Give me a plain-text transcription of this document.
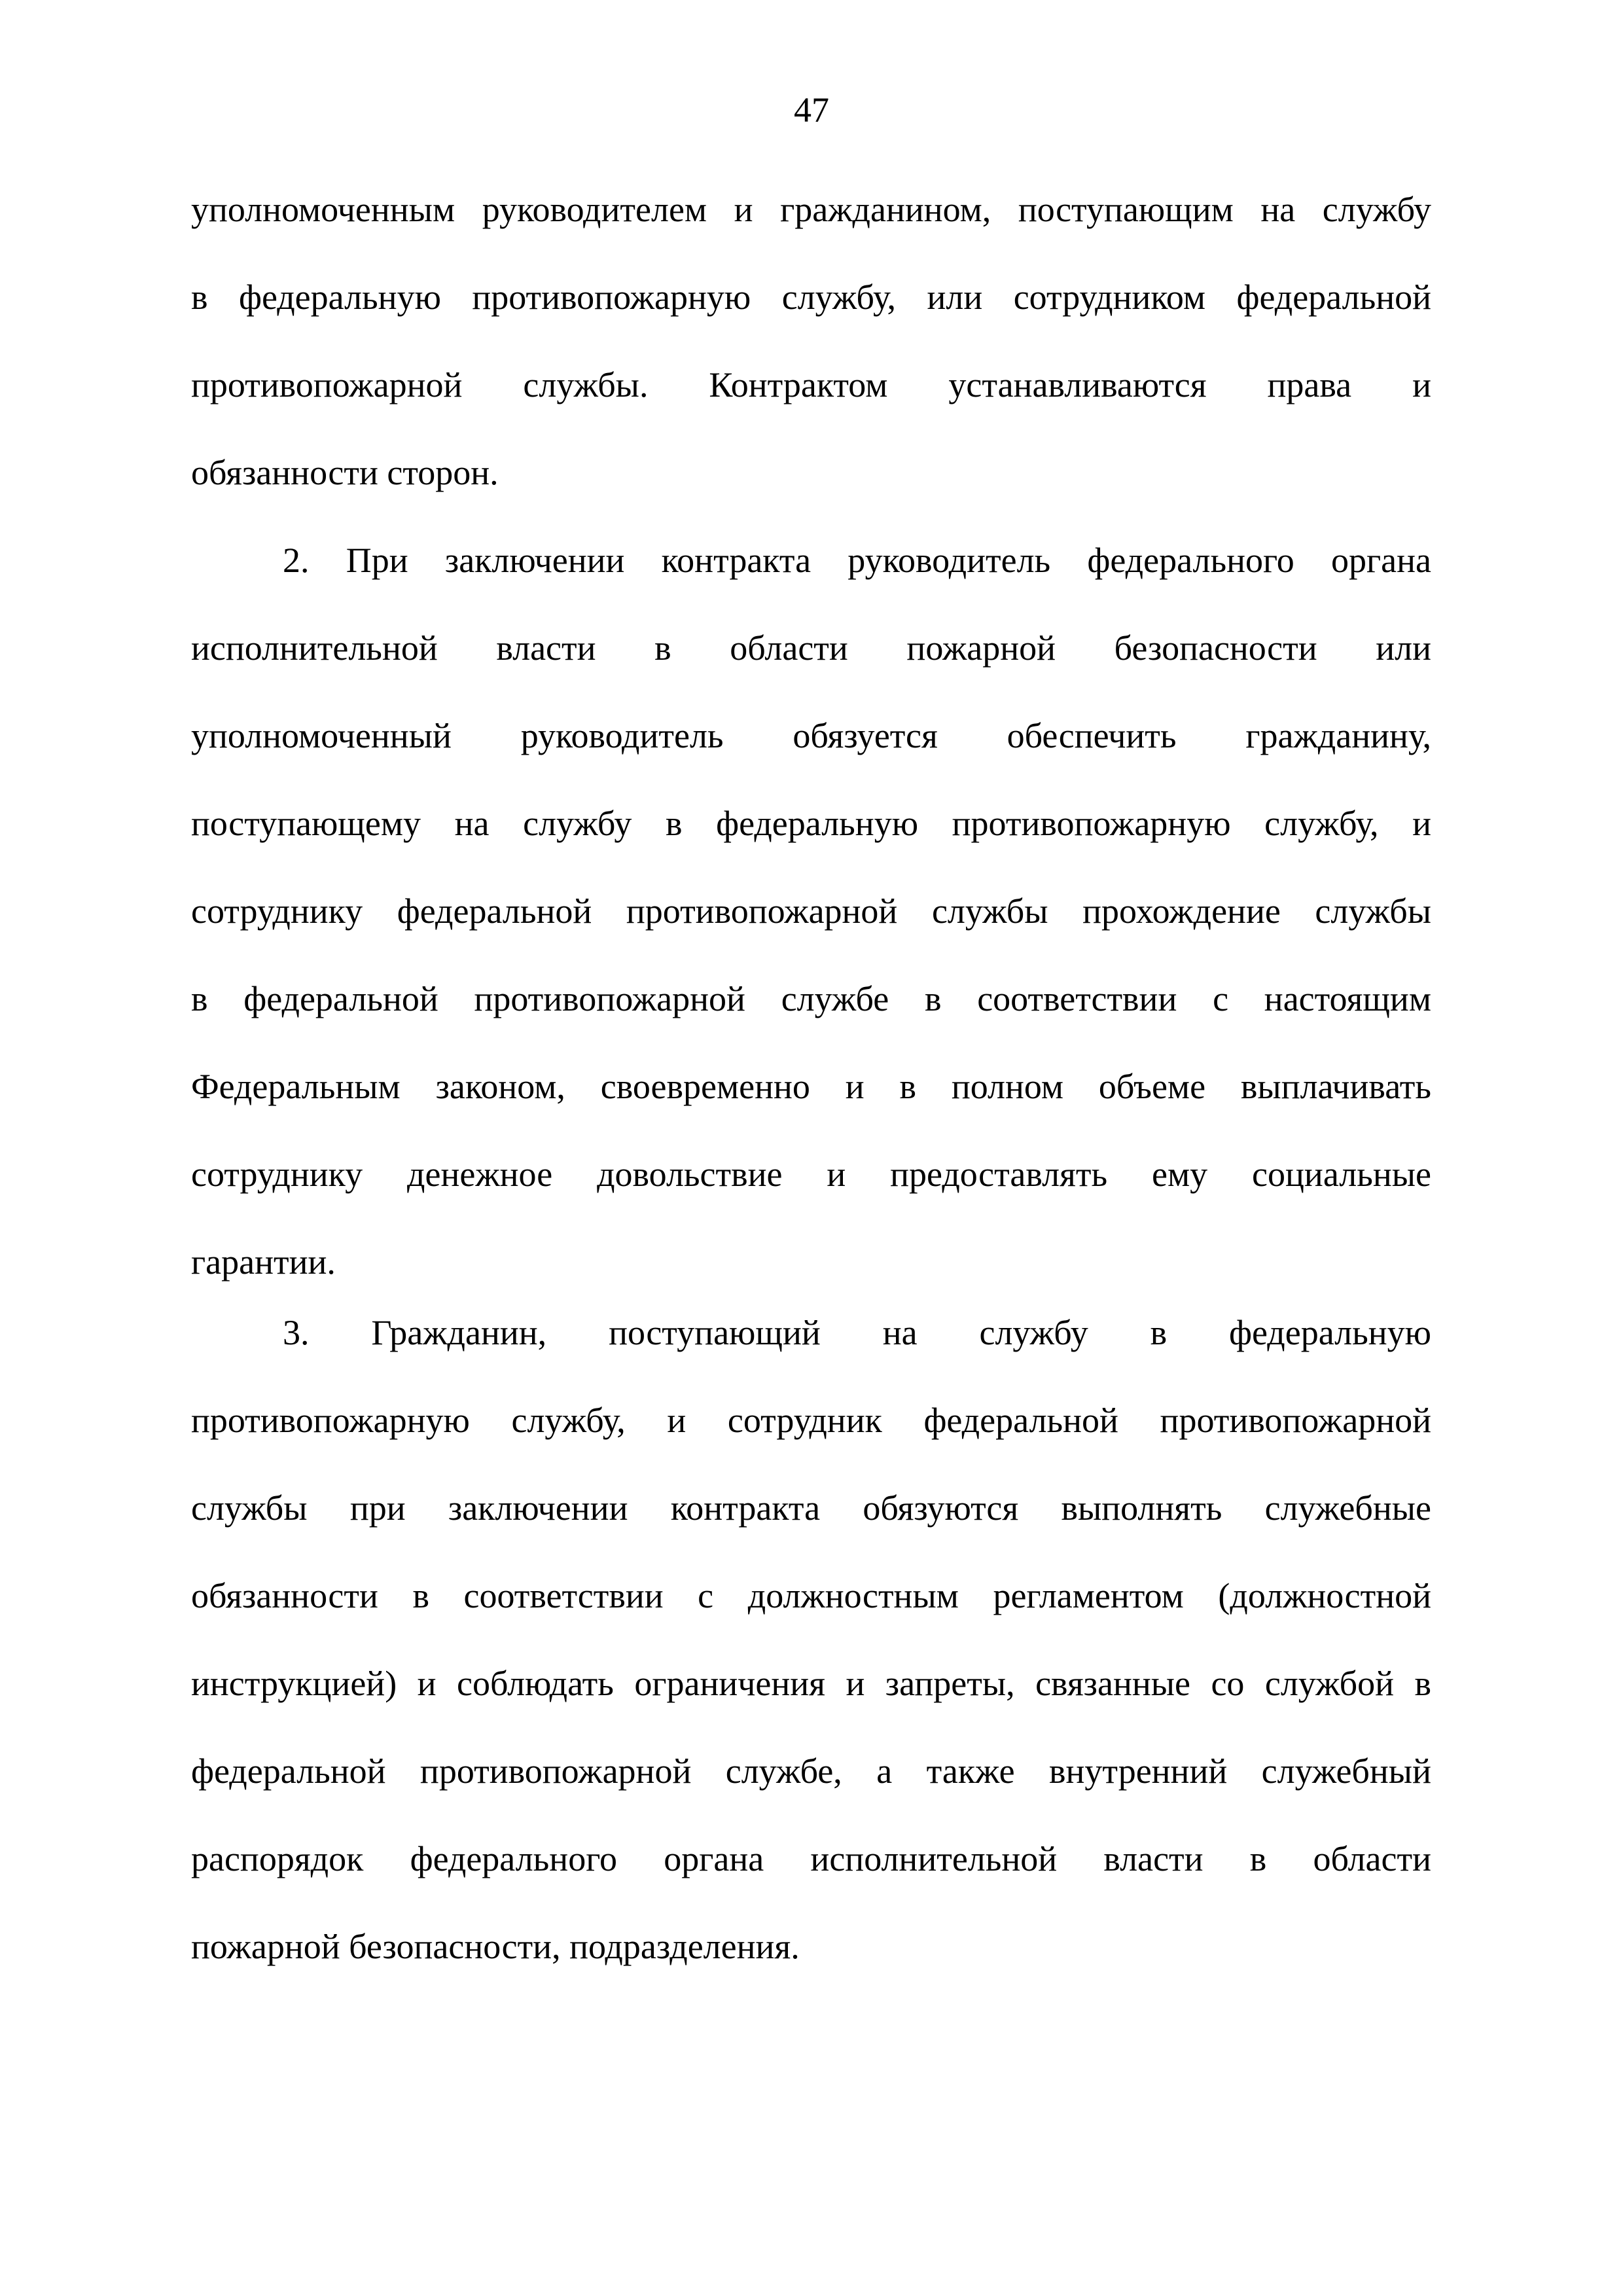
47
уполномоченным руководителем и гражданином, поступающим на службу
в федеральную противопожарную службу, или сотрудником федеральной
противопожарной службы. Контрактом устанавливаются права и
обязанности сторон.
2. При заключении контракта руководитель федерального органа
исполнительной власти в области пожарной безопасности или
уполномоченный руководитель обязуется обеспечить гражданину,
поступающему на службу в федеральную противопожарную службу, и
сотруднику федеральной противопожарной службы прохождение службы
в федеральной противопожарной службе в соответствии с настоящим
Федеральным законом, своевременно и в полном объеме выплачивать
сотруднику денежное довольствие и предоставлять ему социальные
гарантии.
3. Гражданин, поступающий на службу в федеральную
противопожарную службу, и сотрудник федеральной противопожарной
службы при заключении контракта обязуются выполнять служебные
обязанности в соответствии с должностным регламентом (должностной
инструкцией) и соблюдать ограничения и запреты, связанные со службой в
федеральной противопожарной службе, а также внутренний служебный
распорядок федерального органа исполнительной власти в области
пожарной безопасности, подразделения.
